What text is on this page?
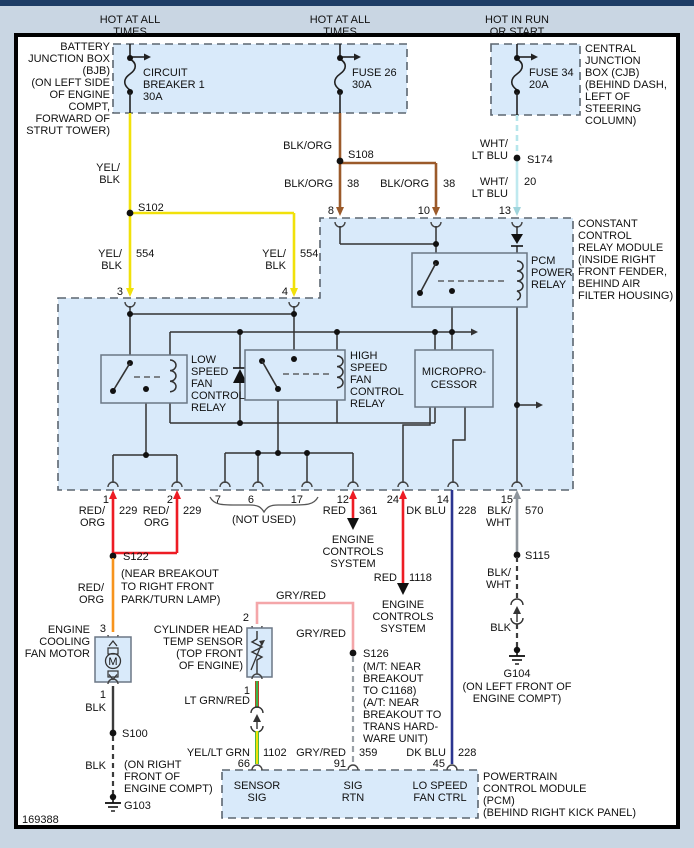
169388
HOT AT ALL
TIMES
HOT AT ALL
TIMES
HOT IN RUN
OR START
BATTERY
JUNCTION BOX
(BJB)
(ON LEFT SIDE
OF ENGINE
COMPT,
FORWARD OF
STRUT TOWER)
CIRCUIT
BREAKER 1
30A
FUSE 26
30A
FUSE 34
20A
CENTRAL
JUNCTION
BOX (CJB)
(BEHIND DASH,
LEFT OF
STEERING
COLUMN)
S102
YEL/
BLK
YEL/
BLK
554	YEL/
BLK
554
3	4
S108
BLK/ORG
BLK/ORG 38 BLK/ORG 38
8	10
S174
WHT/
LT BLU
WHT/
LT BLU
20
13
MICROPRO-
CESSOR
LOW
SPEED
FAN
CONTROL
RELAY
HIGH
SPEED
FAN
CONTROL
RELAY
PCM
POWER
RELAY
CONSTANT
CONTROL
RELAY MODULE
(INSIDE RIGHT
FRONT FENDER,
BEHIND AIR
FILTER HOUSING)
1	2	7 6	17	12	24	14	15
(NOT USED)
RED/
ORG
229 RED/
ORG
229
S122
(NEAR BREAKOUT
TO RIGHT FRONT
PARK/TURN LAMP)
RED/
ORG
3
M
ENGINE
COOLING
FAN MOTOR
1
BLK
S100
BLK (ON RIGHT
FRONT OF
ENGINE COMPT)
G103
RED 361
ENGINE
CONTROLS
SYSTEM
RED 1118
ENGINE
CONTROLS
SYSTEM
DK BLU 228
DK BLU 228
BLK/
WHT
570
S115
BLK/
WHT
BLK
G104
(ON LEFT FRONT OF
ENGINE COMPT)
2
GRY/RED
GRY/RED
S126
(M/T: NEAR
BREAKOUT
TO C1168)
(A/T: NEAR
BREAKOUT TO
TRANS HARD-
WARE UNIT)
GRY/RED 359
CYLINDER HEAD
TEMP SENSOR
(TOP FRONT
OF ENGINE)
1
LT GRN/RED
YEL/LT GRN 1102
66	91	45
SENSOR
SIG
SIG
RTN
LO SPEED
FAN CTRL
POWERTRAIN
CONTROL MODULE
(PCM)
(BEHIND RIGHT KICK PANEL)
